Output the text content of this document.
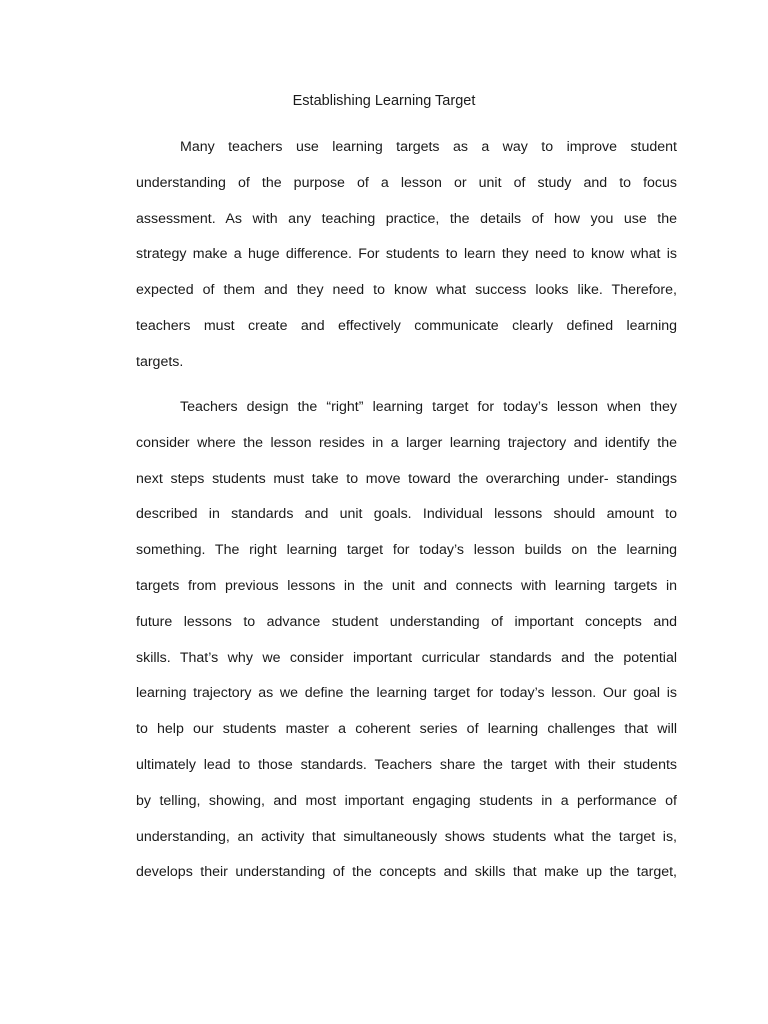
Establishing Learning Target
Many teachers use learning targets as a way to improve student
understanding of the purpose of a lesson or unit of study and to focus
assessment. As with any teaching practice, the details of how you use the
strategy make a huge difference. For students to learn they need to know what is
expected of them and they need to know what success looks like. Therefore,
teachers must create and effectively communicate clearly defined learning
targets.
Teachers design the “right” learning target for today’s lesson when they
consider where the lesson resides in a larger learning trajectory and identify the
next steps students must take to move toward the overarching under- standings
described in standards and unit goals. Individual lessons should amount to
something. The right learning target for today’s lesson builds on the learning
targets from previous lessons in the unit and connects with learning targets in
future lessons to advance student understanding of important concepts and
skills. That’s why we consider important curricular standards and the potential
learning trajectory as we define the learning target for today’s lesson. Our goal is
to help our students master a coherent series of learning challenges that will
ultimately lead to those standards. Teachers share the target with their students
by telling, showing, and most important engaging students in a performance of
understanding, an activity that simultaneously shows students what the target is,
develops their understanding of the concepts and skills that make up the target,
